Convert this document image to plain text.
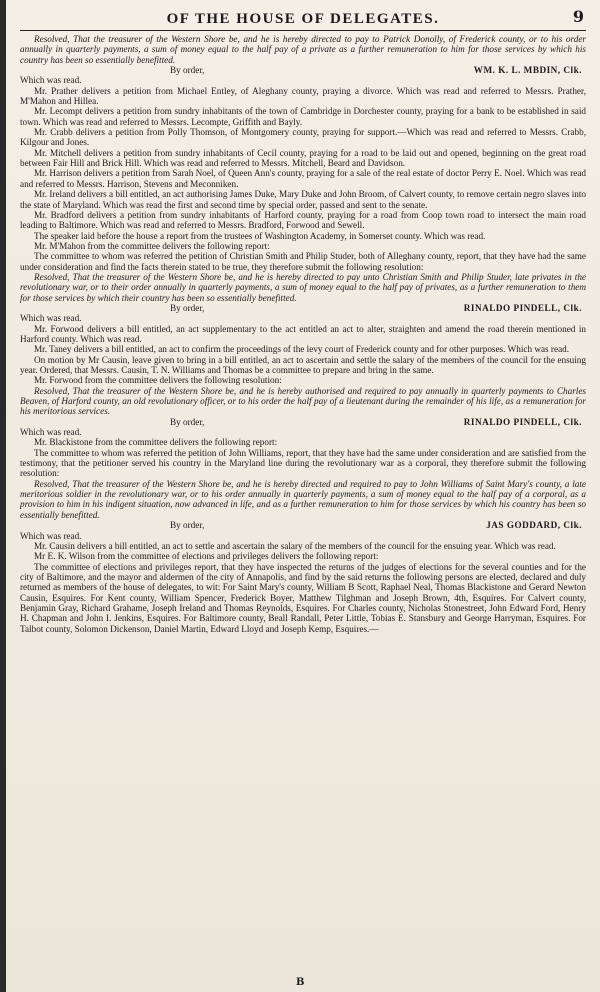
OF THE HOUSE OF DELEGATES.	9

Resolved, That the treasurer of the Western Shore be, and he is hereby directed to pay to Patrick Donolly, of Frederick county, or to his order annually in quarterly payments, a sum of money equal to the half pay of a private as a further remuneration to him for those services by which his country has been so essentially benefitted.

By order,	WM. K. L. MBDIN, Clk.

Which was read.

Mr. Prather delivers a petition from Michael Entley, of Aleghany county, praying a divorce. Which was read and referred to Messrs. Prather, M'Mahon and Hillea.

Mr. Lecompt delivers a petition from sundry inhabitants of the town of Cambridge in Dorchester county, praying for a bank to be established in said town. Which was read and referred to Messrs. Lecompte, Griffith and Bayly.

Mr. Crabb delivers a petition from Polly Thomson, of Montgomery county, praying for support.—Which was read and referred to Messrs. Crabb, Kilgour and Jones.

Mr. Mitchell delivers a petition from sundry inhabitants of Cecil county, praying for a road to be laid out and opened, beginning on the great road between Fair Hill and Brick Hill. Which was read and referred to Messrs. Mitchell, Beard and Davidson.

Mr. Harrison delivers a petition from Sarah Noel, of Queen Ann's county, praying for a sale of the real estate of doctor Perry E. Noel. Which was read and referred to Messrs. Harrison, Stevens and Meconniken.

Mr. Ireland delivers a bill entitled, an act authorising James Duke, Mary Duke and John Broom, of Calvert county, to remove certain negro slaves into the state of Maryland. Which was read the first and second time by special order, passed and sent to the senate.

Mr. Bradford delivers a petition from sundry inhabitants of Harford county, praying for a road from Coop town road to intersect the main road leading to Baltimore. Which was read and referred to Messrs. Bradford, Forwood and Sewell.

The speaker laid before the house a report from the trustees of Washington Academy, in Somerset county. Which was read.

Mr. M'Mahon from the committee delivers the following report:

The committee to whom was referred the petition of Christian Smith and Philip Studer, both of Alleghany county, report, that they have had the same under consideration and find the facts therein stated to be true, they therefore submit the following resolution:

Resolved, That the treasurer of the Western Shore be, and he is hereby directed to pay unto Christian Smith and Philip Studer, late privates in the revolutionary war, or to their order annually in quarterly payments, a sum of money equal to the half pay of privates, as a further remuneration to them for those services by which their country has been so essentially benefitted.

By order,	RINALDO PINDELL, Clk.

Which was read.

Mr. Forwood delivers a bill entitled, an act supplementary to the act entitled an act to alter, straighten and amend the road therein mentioned in Harford county. Which was read.

Mr. Taney delivers a bill entitled, an act to confirm the proceedings of the levy court of Frederick county and for other purposes. Which was read.

On motion by Mr Causin, leave given to bring in a bill entitled, an act to ascertain and settle the salary of the members of the council for the ensuing year. Ordered, that Messrs. Causin, T. N. Williams and Thomas be a committee to prepare and bring in the same.

Mr. Forwood from the committee delivers the following resolution:

Resolved, That the treasurer of the Western Shore be, and he is hereby authorised and required to pay annually in quarterly payments to Charles Beaven, of Harford county, an old revolutionary officer, or to his order the half pay of a lieutenant during the remainder of his life, as a remuneration for his meritorious services.

By order,	RINALDO PINDELL, Clk.

Which was read.

Mr. Blackistone from the committee delivers the following report:

The committee to whom was referred the petition of John Williams, report, that they have had the same under consideration and are satisfied from the testimony, that the petitioner served his country in the Maryland line during the revolutionary war as a corporal, they therefore submit the following resolution:

Resolved, That the treasurer of the Western Shore be, and he is hereby directed and required to pay to John Williams of Saint Mary's county, a late meritorious soldier in the revolutionary war, or to his order annually in quarterly payments, a sum of money equal to the half pay of a corporal, as a provision to him in his indigent situation, now advanced in life, and as a further remuneration to him for those services by which his country has been so essentially benefitted.

By order,	JAS GODDARD, Clk.

Which was read.

Mr. Causin delivers a bill entitled, an act to settle and ascertain the salary of the members of the council for the ensuing year. Which was read.

Mr E. K. Wilson from the committee of elections and privileges delivers the following report:

The committee of elections and privileges report, that they have inspected the returns of the judges of elections for the several counties and for the city of Baltimore, and the mayor and aldermen of the city of Annapolis, and find by the said returns the following persons are elected, declared and duly returned as members of the house of delegates, to wit: For Saint Mary's county, William B Scott, Raphael Neal, Thomas Blackistone and Gerard Newton Causin, Esquires. For Kent county, William Spencer, Frederick Boyer, Matthew Tilghman and Joseph Brown, 4th, Esquires. For Calvert county, Benjamin Gray, Richard Grahame, Joseph Ireland and Thomas Reynolds, Esquires. For Charles county, Nicholas Stonestreet, John Edward Ford, Henry H. Chapman and John I. Jenkins, Esquires. For Baltimore county, Beall Randall, Peter Little, Tobias E. Stansbury and George Harryman, Esquires. For Talbot county, Solomon Dickenson, Daniel Martin, Edward Lloyd and Joseph Kemp, Esquires.—

B
